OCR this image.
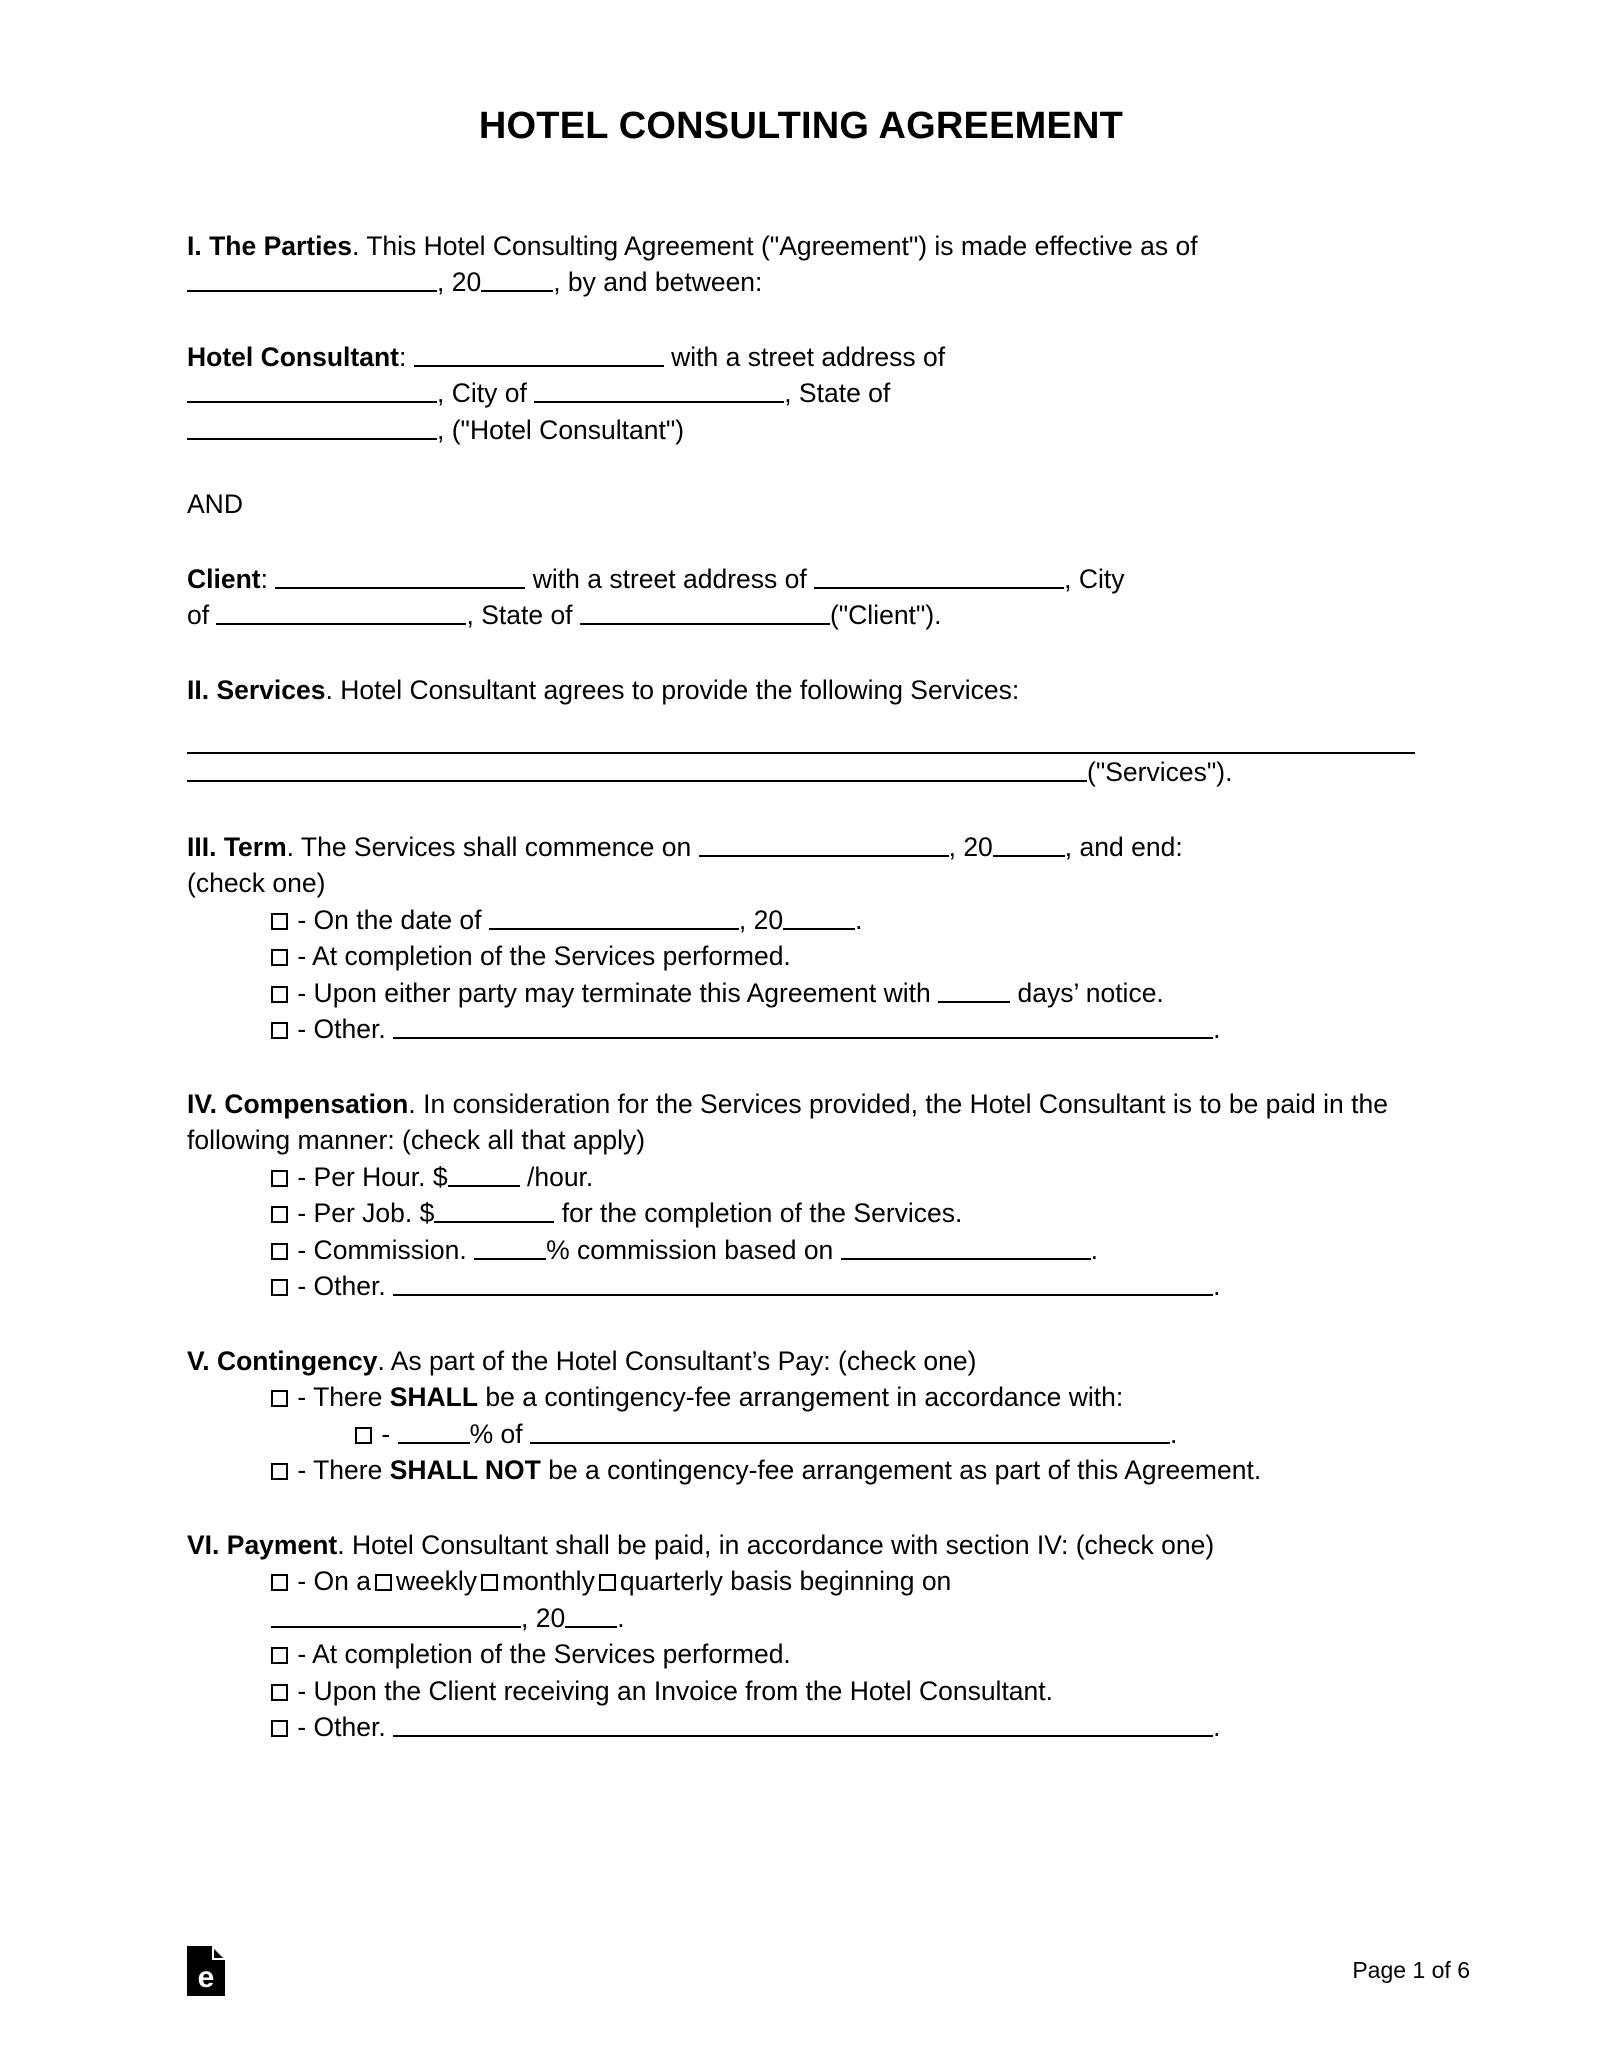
HOTEL CONSULTING AGREEMENT

I. The Parties. This Hotel Consulting Agreement ("Agreement") is made effective as of
, 20	, by and between:

Hotel Consultant:	with a street address of
, City of	, State of
, ("Hotel Consultant")

AND

Client:	with a street address of	, City
of	, State of	("Client").

II. Services. Hotel Consultant agrees to provide the following Services:

("Services").

III. Term. The Services shall commence on	, 20	, and end:
(check one)

- On the date of	, 20	.

- At completion of the Services performed.

- Upon either party may terminate this Agreement with	days’ notice.

- Other.	.

IV. Compensation. In consideration for the Services provided, the Hotel Consultant is to be paid in the following manner: (check all that apply)

- Per Hour. $	/hour.

- Per Job. $	for the completion of the Services.

- Commission.	% commission based on	.

- Other.	.

V. Contingency. As part of the Hotel Consultant’s Pay: (check one)

- There SHALL be a contingency-fee arrangement in accordance with:

-	% of	.

- There SHALL NOT be a contingency-fee arrangement as part of this Agreement.

VI. Payment. Hotel Consultant shall be paid, in accordance with section IV: (check one)

- On a weekly monthly quarterly basis beginning on

, 20 .

- At completion of the Services performed.

- Upon the Client receiving an Invoice from the Hotel Consultant.

- Other.	.

e	Page 1 of 6
